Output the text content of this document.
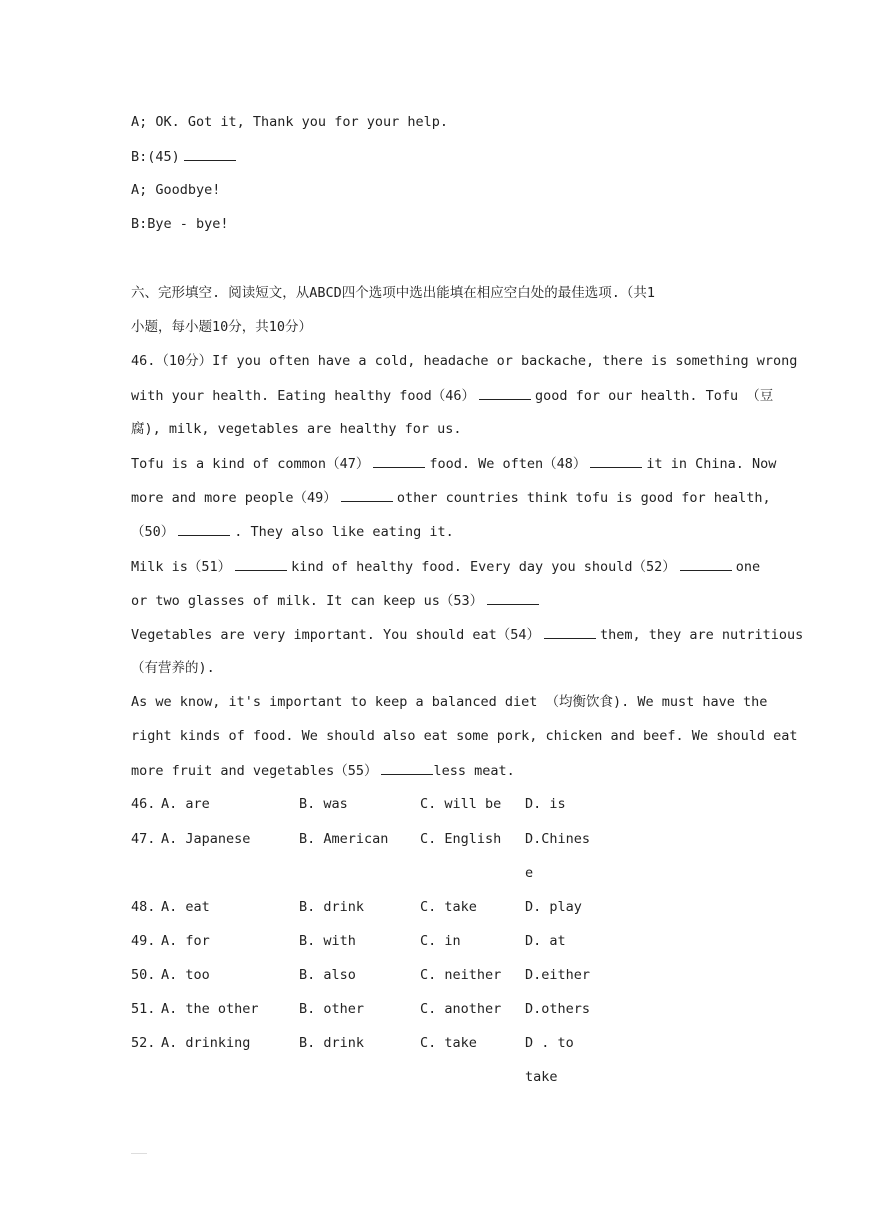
A; OK. Got it, Thank you for your help.
B:(45)
A; Goodbye!
B:Bye - bye!
六、完形填空. 阅读短文，从ABCD四个选项中选出能填在相应空白处的最佳选项.（共1
小题，每小题10分，共10分）
46.（10分）If you often have a cold, headache or backache, there is something wrong
with your health. Eating healthy food（46）	good for our health. Tofu （豆
腐), milk, vegetables are healthy for us.
Tofu is a kind of common（47）	food. We often（48）	it in China. Now
more and more people（49）	other countries think tofu is good for health,
（50）	. They also like eating it.
Milk is（51）	kind of healthy food. Every day you should（52）	one
or two glasses of milk. It can keep us（53）
Vegetables are very important. You should eat（54）	them, they are nutritious
（有营养的).
As we know, it's important to keep a balanced diet （均衡饮食). We must have the
right kinds of food. We should also eat some pork, chicken and beef. We should eat
more fruit and vegetables（55）	less meat.
46. A. are	B. was	C. will be D. is
47. A. Japanese	B. American C. English D.Chines
e
48. A. eat	B. drink	C. take	D. play
49. A. for	B. with	C. in	D. at
50. A. too	B. also	C. neither D.either
51. A. the other	B. other	C. another D.others
52. A. drinking	B. drink	C. take	D . to
take
